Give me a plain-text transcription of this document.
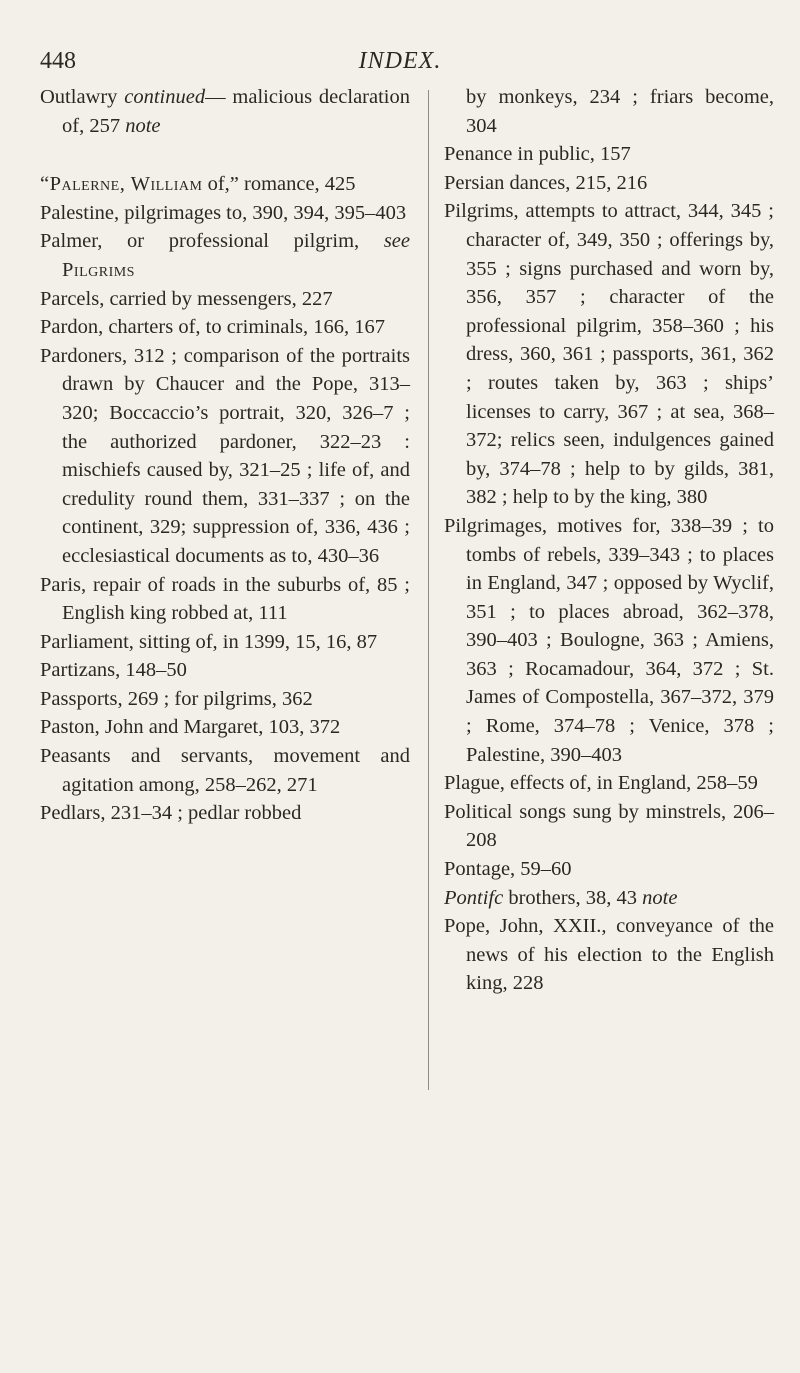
448	INDEX.
Outlawry continued— malicious declaration of, 257 note
“Palerne, William of,” romance, 425
Palestine, pilgrimages to, 390, 394, 395–403
Palmer, or professional pilgrim, see Pilgrims
Parcels, carried by messengers, 227
Pardon, charters of, to criminals, 166, 167
Pardoners, 312 ; comparison of the portraits drawn by Chaucer and the Pope, 313–320; Boccaccio’s portrait, 320, 326–7 ; the authorized pardoner, 322–23 : mischiefs caused by, 321–25 ; life of, and credulity round them, 331–337 ; on the continent, 329; suppression of, 336, 436 ; ecclesiastical documents as to, 430–36
Paris, repair of roads in the suburbs of, 85 ; English king robbed at, 111
Parliament, sitting of, in 1399, 15, 16, 87
Partizans, 148–50
Passports, 269 ; for pilgrims, 362
Paston, John and Margaret, 103, 372
Peasants and servants, movement and agitation among, 258–262, 271
Pedlars, 231–34 ; pedlar robbed
by monkeys, 234 ; friars become, 304
Penance in public, 157
Persian dances, 215, 216
Pilgrims, attempts to attract, 344, 345 ; character of, 349, 350 ; offerings by, 355 ; signs purchased and worn by, 356, 357 ; character of the professional pilgrim, 358–360 ; his dress, 360, 361 ; passports, 361, 362 ; routes taken by, 363 ; ships’ licenses to carry, 367 ; at sea, 368–372; relics seen, indulgences gained by, 374–78 ; help to by gilds, 381, 382 ; help to by the king, 380
Pilgrimages, motives for, 338–39 ; to tombs of rebels, 339–343 ; to places in England, 347 ; opposed by Wyclif, 351 ; to places abroad, 362–378, 390–403 ; Boulogne, 363 ; Amiens, 363 ; Rocamadour, 364, 372 ; St. James of Compostella, 367–372, 379 ; Rome, 374–78 ; Venice, 378 ; Palestine, 390–403
Plague, effects of, in England, 258–59
Political songs sung by minstrels, 206–208
Pontage, 59–60
Pontifc brothers, 38, 43 note
Pope, John, XXII., conveyance of the news of his election to the English king, 228
